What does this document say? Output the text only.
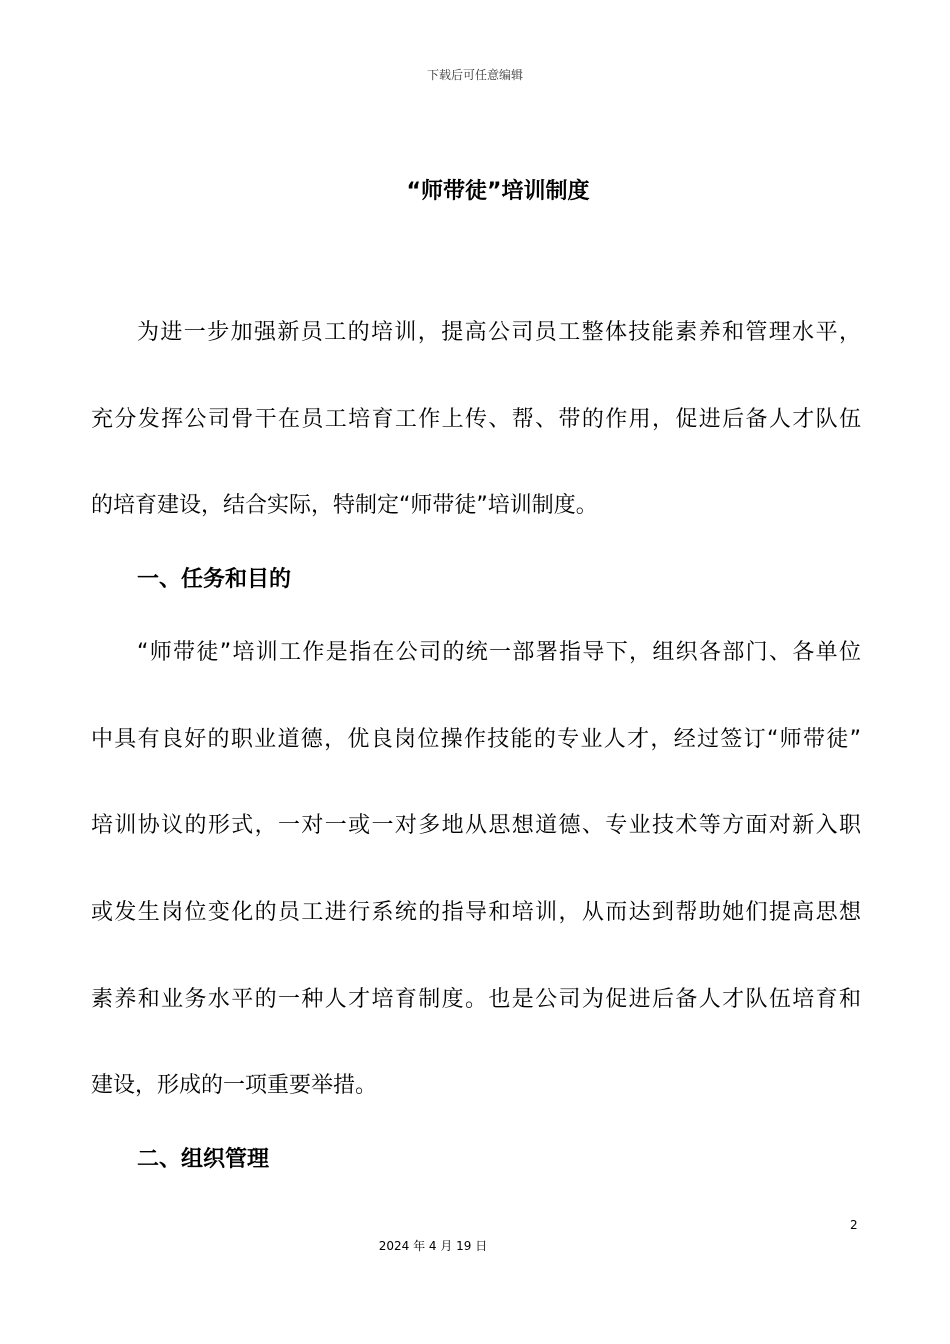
下载后可任意编辑
“师带徒”培训制度

为进一步加强新员工的培训，提高公司员工整体技能素养和管理水平，

充分发挥公司骨干在员工培育工作上传、帮、带的作用，促进后备人才队伍

的培育建设，结合实际，特制定“师带徒”培训制度。

一、任务和目的

“师带徒”培训工作是指在公司的统一部署指导下，组织各部门、各单位

中具有良好的职业道德，优良岗位操作技能的专业人才，经过签订“师带徒”

培训协议的形式，一对一或一对多地从思想道德、专业技术等方面对新入职

或发生岗位变化的员工进行系统的指导和培训，从而达到帮助她们提高思想

素养和业务水平的一种人才培育制度。也是公司为促进后备人才队伍培育和

建设，形成的一项重要举措。

二、组织管理

2
2024 年 4 月 19 日
